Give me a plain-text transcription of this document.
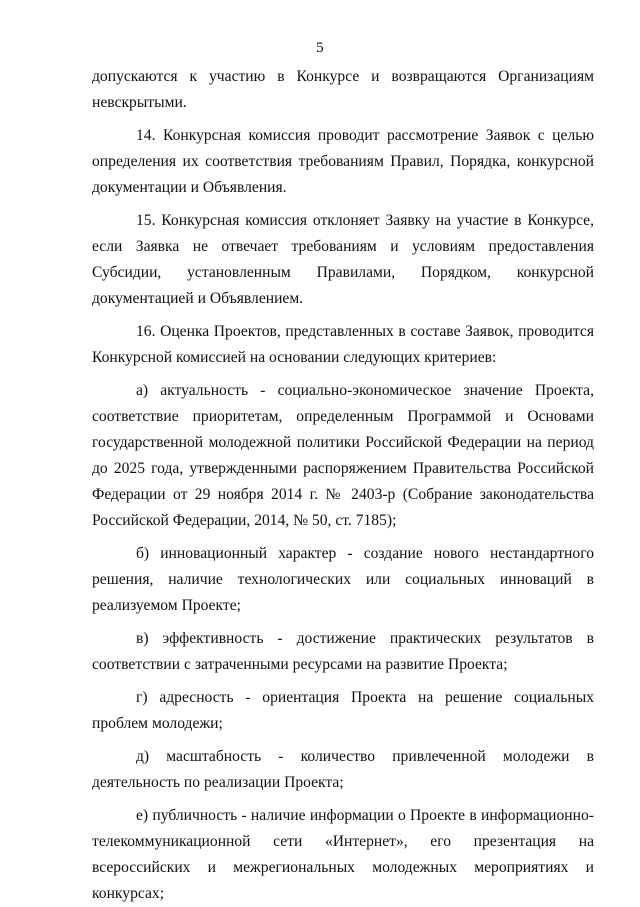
5

допускаются к участию в Конкурсе и возвращаются Организациям невскрытыми.

14. Конкурсная комиссия проводит рассмотрение Заявок с целью определения их соответствия требованиям Правил, Порядка, конкурсной документации и Объявления.

15. Конкурсная комиссия отклоняет Заявку на участие в Конкурсе, если Заявка не отвечает требованиям и условиям предоставления Субсидии, установленным Правилами, Порядком, конкурсной документацией и Объявлением.

16. Оценка Проектов, представленных в составе Заявок, проводится Конкурсной комиссией на основании следующих критериев:

а) актуальность - социально-экономическое значение Проекта, соответствие приоритетам, определенным Программой и Основами государственной молодежной политики Российской Федерации на период до 2025 года, утвержденными распоряжением Правительства Российской Федерации от 29 ноября 2014 г. № 2403-р (Собрание законодательства Российской Федерации, 2014, № 50, ст. 7185);

б) инновационный характер - создание нового нестандартного решения, наличие технологических или социальных инноваций в реализуемом Проекте;

в) эффективность - достижение практических результатов в соответствии с затраченными ресурсами на развитие Проекта;

г) адресность - ориентация Проекта на решение социальных проблем молодежи;

д) масштабность - количество привлеченной молодежи в деятельность по реализации Проекта;

е) публичность - наличие информации о Проекте в информационно-телекоммуникационной сети «Интернет», его презентация на всероссийских и межрегиональных молодежных мероприятиях и конкурсах;
